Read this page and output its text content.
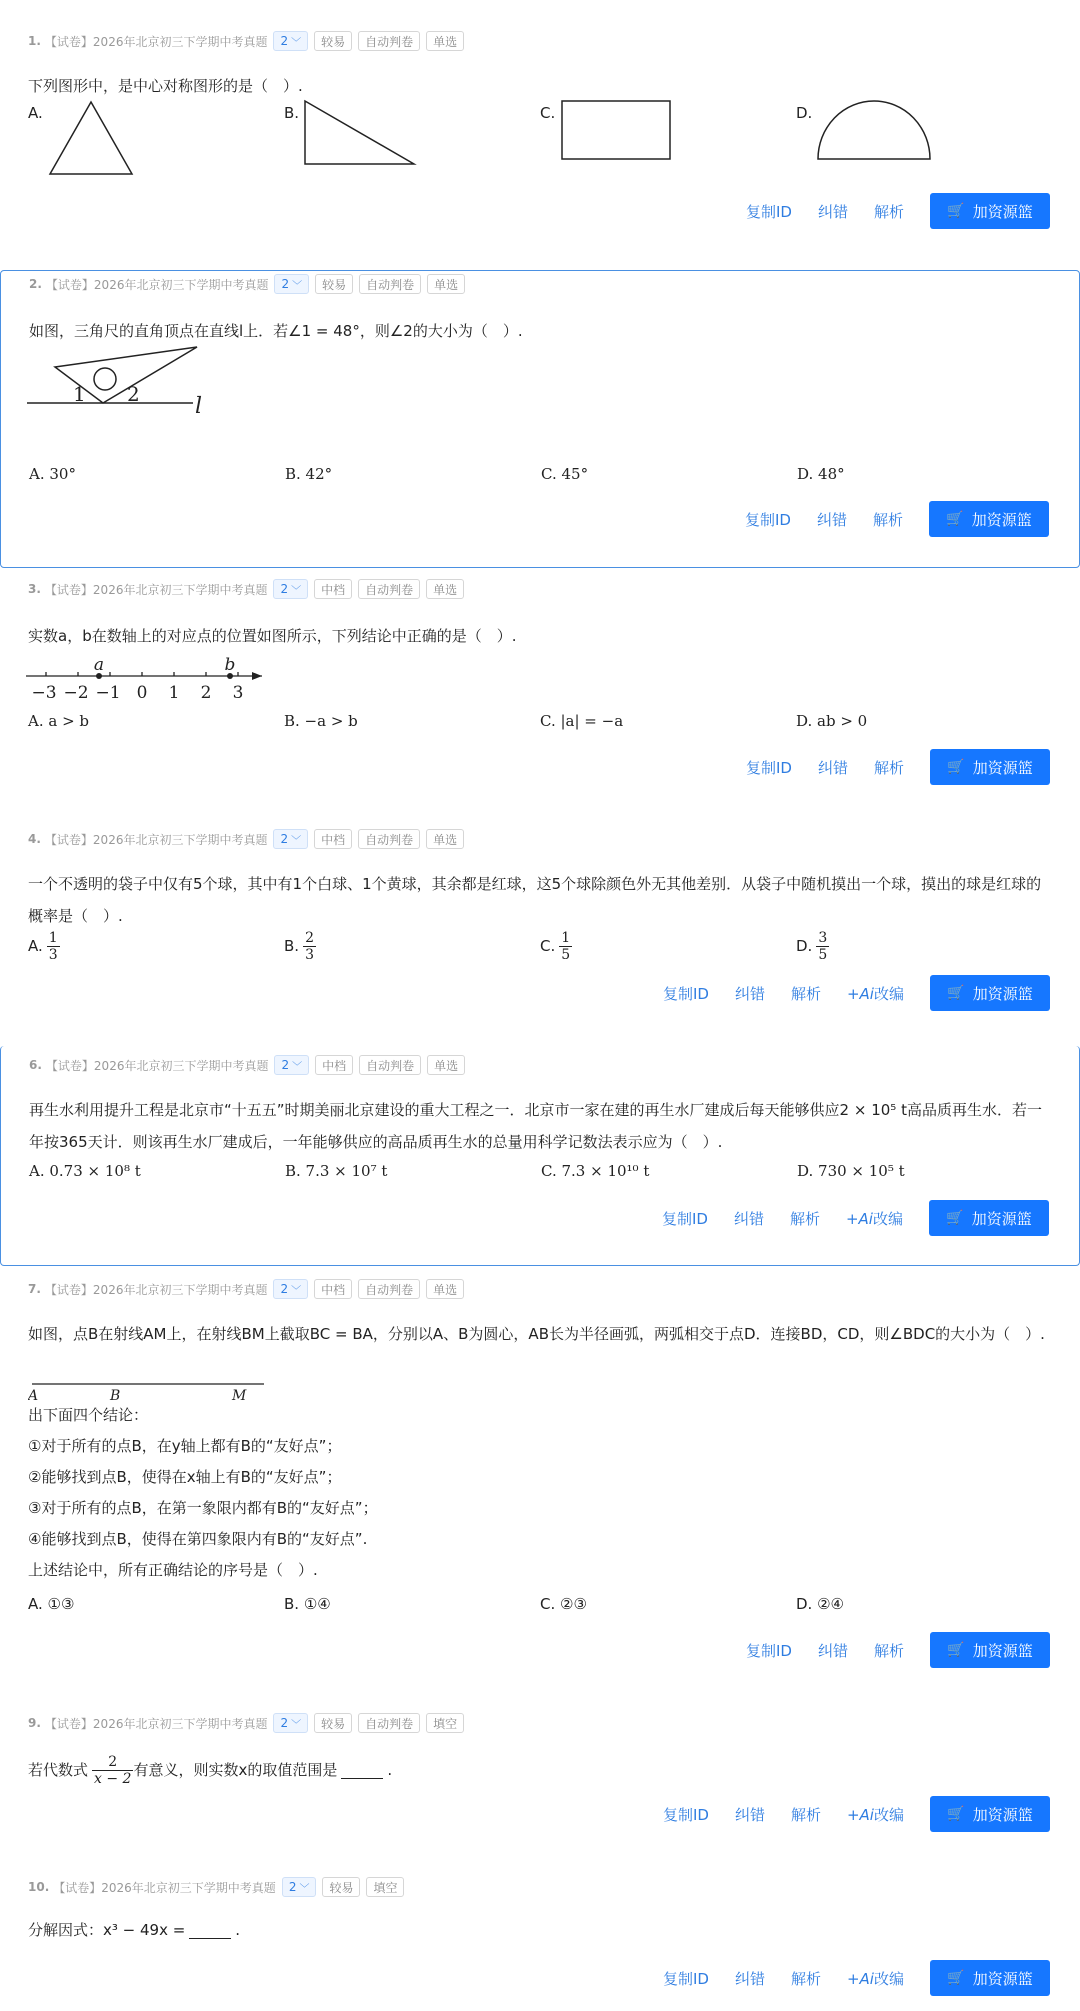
1. 【试卷】2026年北京初三下学期中考真题 2 ﹀	较易	自动判卷	单选
下列图形中，是中心对称图形的是（　）.
A.	B.	C.	D.
复制ID 纠错 解析	🛒 加资源篮
2. 【试卷】2026年北京初三下学期中考真题 2 ﹀	较易	自动判卷	单选
如图，三角尺的直角顶点在直线l上．若∠1 = 48°，则∠2的大小为（　）.
1 2	l
A. 30°	B. 42°	C. 45°	D. 48°
复制ID 纠错 解析	🛒 加资源篮
3. 【试卷】2026年北京初三下学期中考真题 2 ﹀	中档	自动判卷	单选
实数a，b在数轴上的对应点的位置如图所示，下列结论中正确的是（　）.
−3 −2 −1 0 1 2 3
a	b
A. a > b	B. −a > b	C. |a| = −a	D. ab > 0
复制ID 纠错 解析	🛒 加资源篮
4. 【试卷】2026年北京初三下学期中考真题 2 ﹀	中档	自动判卷	单选
一个不透明的袋子中仅有5个球，其中有1个白球、1个黄球，其余都是红球，这5个球除颜色外无其他差别．从袋子中随机摸出一个球，摸出的球是红球的概率是（　）.
A. $\frac{1}{3}$	B. $\frac{2}{3}$	C. $\frac{1}{5}$	D. $\frac{3}{5}$
复制ID 纠错 解析 +Ai改编	🛒 加资源篮
6. 【试卷】2026年北京初三下学期中考真题 2 ﹀	中档	自动判卷	单选
再生水利用提升工程是北京市“十五五”时期美丽北京建设的重大工程之一．北京市一家在建的再生水厂建成后每天能够供应2 × 10⁵ t高品质再生水．若一年按365天计．则该再生水厂建成后，一年能够供应的高品质再生水的总量用科学记数法表示应为（　）.
A. 0.73 × 10⁸ t	B. 7.3 × 10⁷ t	C. 7.3 × 10¹⁰ t	D. 730 × 10⁵ t
复制ID 纠错 解析 +Ai改编	🛒 加资源篮
7. 【试卷】2026年北京初三下学期中考真题 2 ﹀	中档	自动判卷	单选
如图，点B在射线AM上，在射线BM上截取BC = BA，分别以A、B为圆心，AB长为半径画弧，两弧相交于点D．连接BD，CD，则∠BDC的大小为（　）.
A	B	M
出下面四个结论：
①对于所有的点B，在y轴上都有B的“友好点”；
②能够找到点B，使得在x轴上有B的“友好点”；
③对于所有的点B，在第一象限内都有B的“友好点”；
④能够找到点B，使得在第四象限内有B的“友好点”.
上述结论中，所有正确结论的序号是（　）.
A. ①③	B. ①④	C. ②③	D. ②④
复制ID 纠错 解析	🛒 加资源篮
9. 【试卷】2026年北京初三下学期中考真题 2 ﹀	较易	自动判卷	填空
若代数式 $\frac{2}{x - 2}$ 有意义，则实数x的取值范围是	.
复制ID 纠错 解析 +Ai改编	🛒 加资源篮
10. 【试卷】2026年北京初三下学期中考真题 2 ﹀	较易	填空
分解因式：x³ − 49x =	.
复制ID 纠错 解析 +Ai改编	🛒 加资源篮
